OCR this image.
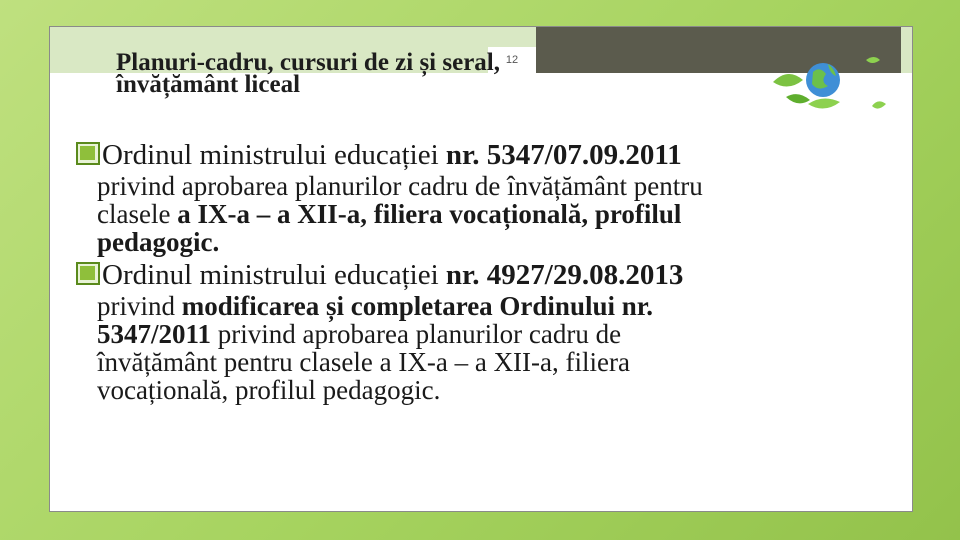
12
Planuri-cadru, cursuri de zi și seral,
învățământ liceal
Ordinul ministrului educației nr. 5347/07.09.2011
privind aprobarea planurilor cadru de învățământ pentru
clasele a IX-a – a XII-a, filiera vocațională, profilul
pedagogic.
Ordinul ministrului educației nr. 4927/29.08.2013
privind modificarea și completarea Ordinului nr.
5347/2011 privind aprobarea planurilor cadru de
învățământ pentru clasele a IX-a – a XII-a, filiera
vocațională, profilul pedagogic.
